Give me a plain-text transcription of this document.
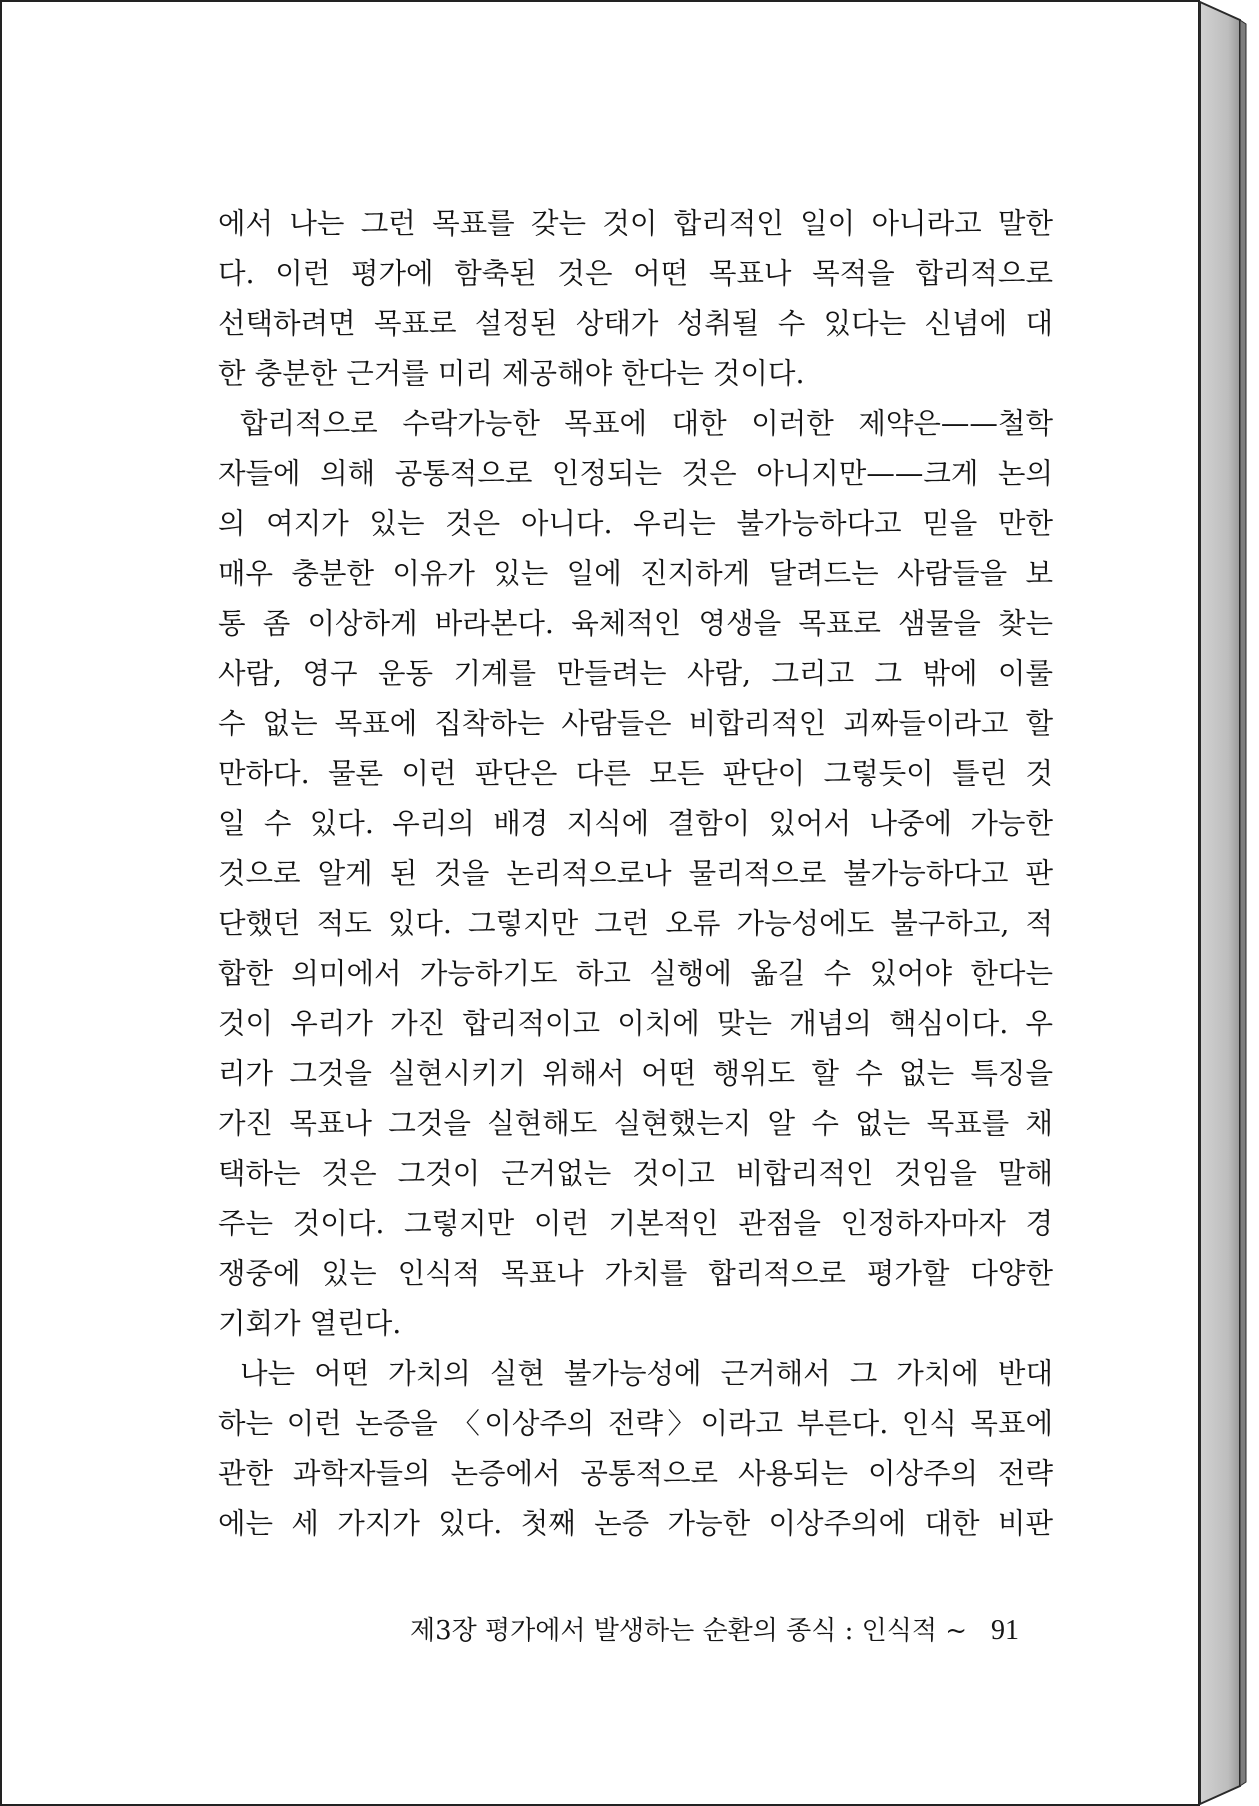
에서 나는 그런 목표를 갖는 것이 합리적인 일이 아니라고 말한
다. 이런 평가에 함축된 것은 어떤 목표나 목적을 합리적으로
선택하려면 목표로 설정된 상태가 성취될 수 있다는 신념에 대
한 충분한 근거를 미리 제공해야 한다는 것이다.
합리적으로 수락가능한 목표에 대한 이러한 제약은——철학
자들에 의해 공통적으로 인정되는 것은 아니지만——크게 논의
의 여지가 있는 것은 아니다. 우리는 불가능하다고 믿을 만한
매우 충분한 이유가 있는 일에 진지하게 달려드는 사람들을 보
통 좀 이상하게 바라본다. 육체적인 영생을 목표로 샘물을 찾는
사람, 영구 운동 기계를 만들려는 사람, 그리고 그 밖에 이룰
수 없는 목표에 집착하는 사람들은 비합리적인 괴짜들이라고 할
만하다. 물론 이런 판단은 다른 모든 판단이 그렇듯이 틀린 것
일 수 있다. 우리의 배경 지식에 결함이 있어서 나중에 가능한
것으로 알게 된 것을 논리적으로나 물리적으로 불가능하다고 판
단했던 적도 있다. 그렇지만 그런 오류 가능성에도 불구하고, 적
합한 의미에서 가능하기도 하고 실행에 옮길 수 있어야 한다는
것이 우리가 가진 합리적이고 이치에 맞는 개념의 핵심이다. 우
리가 그것을 실현시키기 위해서 어떤 행위도 할 수 없는 특징을
가진 목표나 그것을 실현해도 실현했는지 알 수 없는 목표를 채
택하는 것은 그것이 근거없는 것이고 비합리적인 것임을 말해
주는 것이다. 그렇지만 이런 기본적인 관점을 인정하자마자 경
쟁중에 있는 인식적 목표나 가치를 합리적으로 평가할 다양한
기회가 열린다.
나는 어떤 가치의 실현 불가능성에 근거해서 그 가치에 반대
하는 이런 논증을 〈이상주의 전략〉이라고 부른다. 인식 목표에
관한 과학자들의 논증에서 공통적으로 사용되는 이상주의 전략
에는 세 가지가 있다. 첫째 논증 가능한 이상주의에 대한 비판
제3장 평가에서 발생하는 순환의 종식 : 인식적 ~ 91
